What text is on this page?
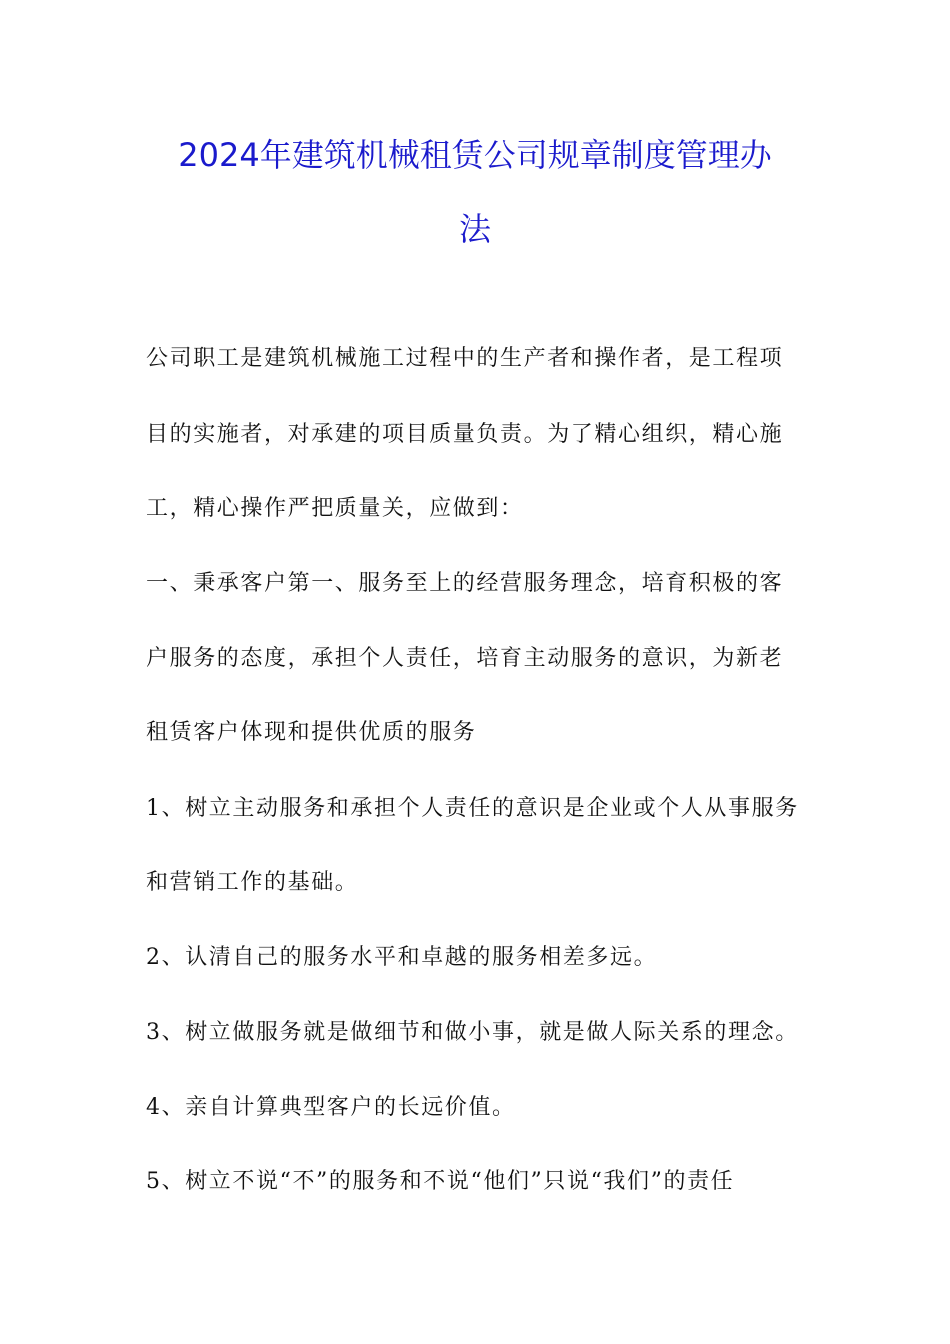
2024年建筑机械租赁公司规章制度管理办
法
公司职工是建筑机械施工过程中的生产者和操作者，是工程项
目的实施者，对承建的项目质量负责。为了精心组织，精心施
工，精心操作严把质量关，应做到：
一、秉承客户第一、服务至上的经营服务理念，培育积极的客
户服务的态度，承担个人责任，培育主动服务的意识，为新老
租赁客户体现和提供优质的服务
1、树立主动服务和承担个人责任的意识是企业或个人从事服务
和营销工作的基础。
2、认清自己的服务水平和卓越的服务相差多远。
3、树立做服务就是做细节和做小事，就是做人际关系的理念。
4、亲自计算典型客户的长远价值。
5、树立不说“不”的服务和不说“他们”只说“我们”的责任
